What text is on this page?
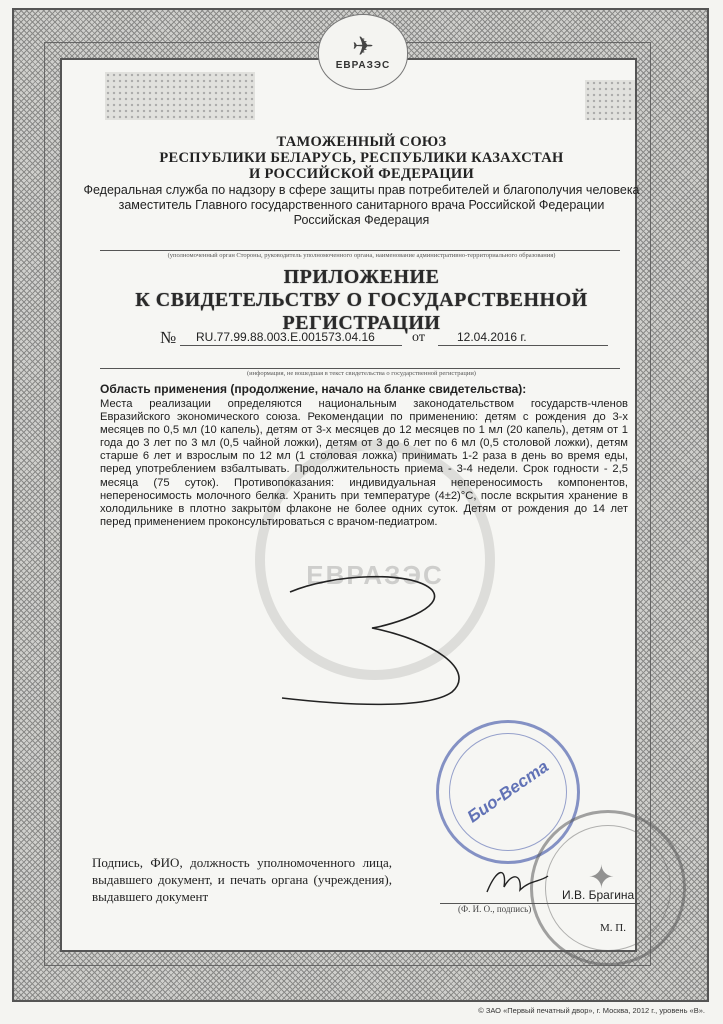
✈
ЕВРАЗЭС
ЕВРАЗЭС
ТАМОЖЕННЫЙ СОЮЗ
РЕСПУБЛИКИ БЕЛАРУСЬ, РЕСПУБЛИКИ КАЗАХСТАН
И РОССИЙСКОЙ ФЕДЕРАЦИИ
Федеральная служба по надзору в сфере защиты прав потребителей и благополучия человека
заместитель Главного государственного санитарного врача Российской Федерации
Российская Федерация
(уполномоченный орган Стороны, руководитель уполномоченного органа, наименование административно-территориального образования)
ПРИЛОЖЕНИЕ
К СВИДЕТЕЛЬСТВУ О ГОСУДАРСТВЕННОЙ РЕГИСТРАЦИИ
№ RU.77.99.88.003.Е.001573.04.16	от	12.04.2016 г.
(информация, не вошедшая в текст свидетельства о государственной регистрации)
Область применения (продолжение, начало на бланке свидетельства):
Места реализации определяются национальным законодательством государств-членов Евразийского экономического союза. Рекомендации по применению: детям с рождения до 3-х месяцев по 0,5 мл (10 капель), детям от 3-х месяцев до 12 месяцев по 1 мл (20 капель), детям от 1 года до 3 лет по 3 мл (0,5 чайной ложки), детям от 3 до 6 лет по 6 мл (0,5 столовой ложки), детям старше 6 лет и взрослым по 12 мл (1 столовая ложка) принимать 1-2 раза в день во время еды, перед употреблением взбалтывать. Продолжительность приема - 3-4 недели. Срок годности - 2,5 месяца (75 суток). Противопоказания: индивидуальная непереносимость компонентов, непереносимость молочного белка. Хранить при температуре (4±2)°С, после вскрытия хранение в холодильнике в плотно закрытом флаконе не более одних суток. Детям от рождения до 14 лет перед применением проконсультироваться с врачом-педиатром.
Био-Веста
✦
Подпись, ФИО, должность уполномоченного лица, выдавшего документ, и печать органа (учреждения), выдавшего документ	И.В. Брагина
(Ф. И. О., подпись)
М. П.
© ЗАО «Первый печатный двор», г. Москва, 2012 г., уровень «В».
